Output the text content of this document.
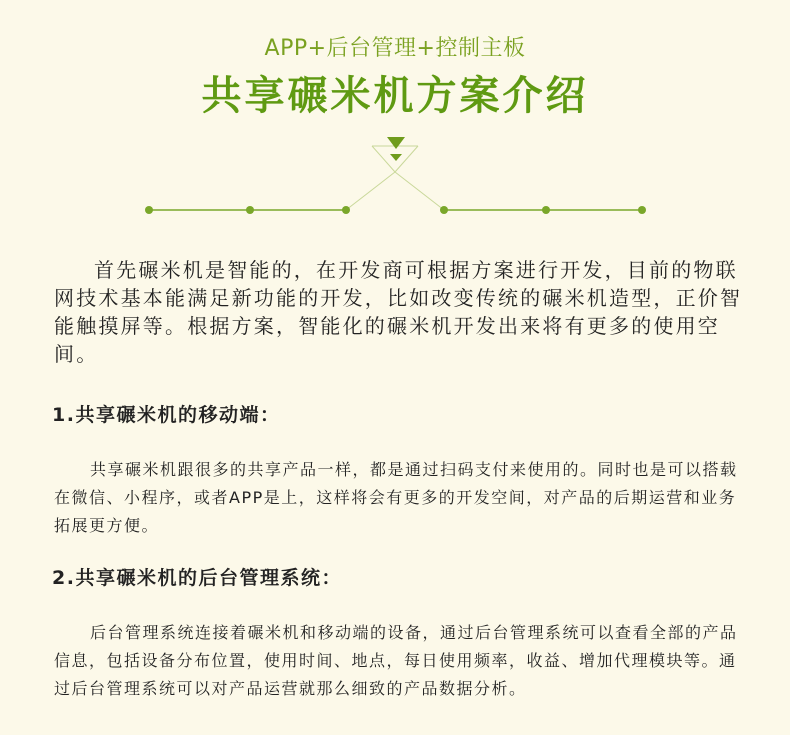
APP+后台管理+控制主板
共享碾米机方案介绍

首先碾米机是智能的，在开发商可根据方案进行开发，目前的物联网技术基本能满足新功能的开发，比如改变传统的碾米机造型，正价智能触摸屏等。根据方案，智能化的碾米机开发出来将有更多的使用空间。

1.共享碾米机的移动端：

共享碾米机跟很多的共享产品一样，都是通过扫码支付来使用的。同时也是可以搭载在微信、小程序，或者APP是上，这样将会有更多的开发空间，对产品的后期运营和业务拓展更方便。

2.共享碾米机的后台管理系统：

后台管理系统连接着碾米机和移动端的设备，通过后台管理系统可以查看全部的产品信息，包括设备分布位置，使用时间、地点，每日使用频率，收益、增加代理模块等。通过后台管理系统可以对产品运营就那么细致的产品数据分析。
